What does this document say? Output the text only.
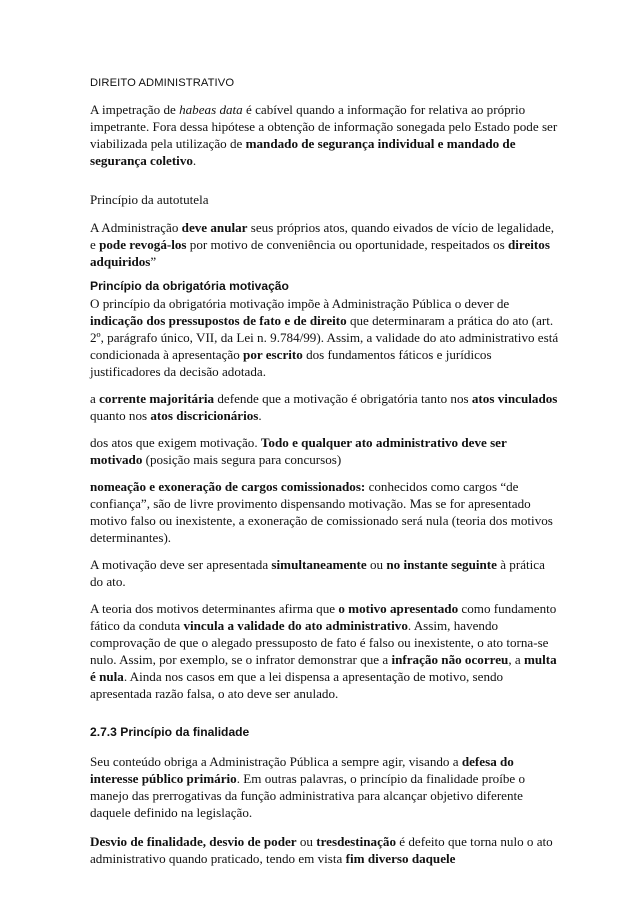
DIREITO ADMINISTRATIVO

A impetração de habeas data é cabível quando a informação for relativa ao próprio impetrante. Fora dessa hipótese a obtenção de informação sonegada pelo Estado pode ser viabilizada pela utilização de mandado de segurança individual e mandado de segurança coletivo.

Princípio da autotutela

A Administração deve anular seus próprios atos, quando eivados de vício de legalidade, e pode revogá-los por motivo de conveniência ou oportunidade, respeitados os direitos adquiridos”

Princípio da obrigatória motivação

O princípio da obrigatória motivação impõe à Administração Pública o dever de indicação dos pressupostos de fato e de direito que determinaram a prática do ato (art. 2º, parágrafo único, VII, da Lei n. 9.784/99). Assim, a validade do ato administrativo está condicionada à apresentação por escrito dos fundamentos fáticos e jurídicos justificadores da decisão adotada.

a corrente majoritária defende que a motivação é obrigatória tanto nos atos vinculados quanto nos atos discricionários.

dos atos que exigem motivação. Todo e qualquer ato administrativo deve ser motivado (posição mais segura para concursos)

nomeação e exoneração de cargos comissionados: conhecidos como cargos “de confiança”, são de livre provimento dispensando motivação. Mas se for apresentado motivo falso ou inexistente, a exoneração de comissionado será nula (teoria dos motivos determinantes).

A motivação deve ser apresentada simultaneamente ou no instante seguinte à prática do ato.

A teoria dos motivos determinantes afirma que o motivo apresentado como fundamento fático da conduta vincula a validade do ato administrativo. Assim, havendo comprovação de que o alegado pressuposto de fato é falso ou inexistente, o ato torna-se nulo. Assim, por exemplo, se o infrator demonstrar que a infração não ocorreu, a multa é nula. Ainda nos casos em que a lei dispensa a apresentação de motivo, sendo apresentada razão falsa, o ato deve ser anulado.

2.7.3 Princípio da finalidade

Seu conteúdo obriga a Administração Pública a sempre agir, visando a defesa do interesse público primário. Em outras palavras, o princípio da finalidade proíbe o manejo das prerrogativas da função administrativa para alcançar objetivo diferente daquele definido na legislação.

Desvio de finalidade, desvio de poder ou tresdestinação é defeito que torna nulo o ato administrativo quando praticado, tendo em vista fim diverso daquele
